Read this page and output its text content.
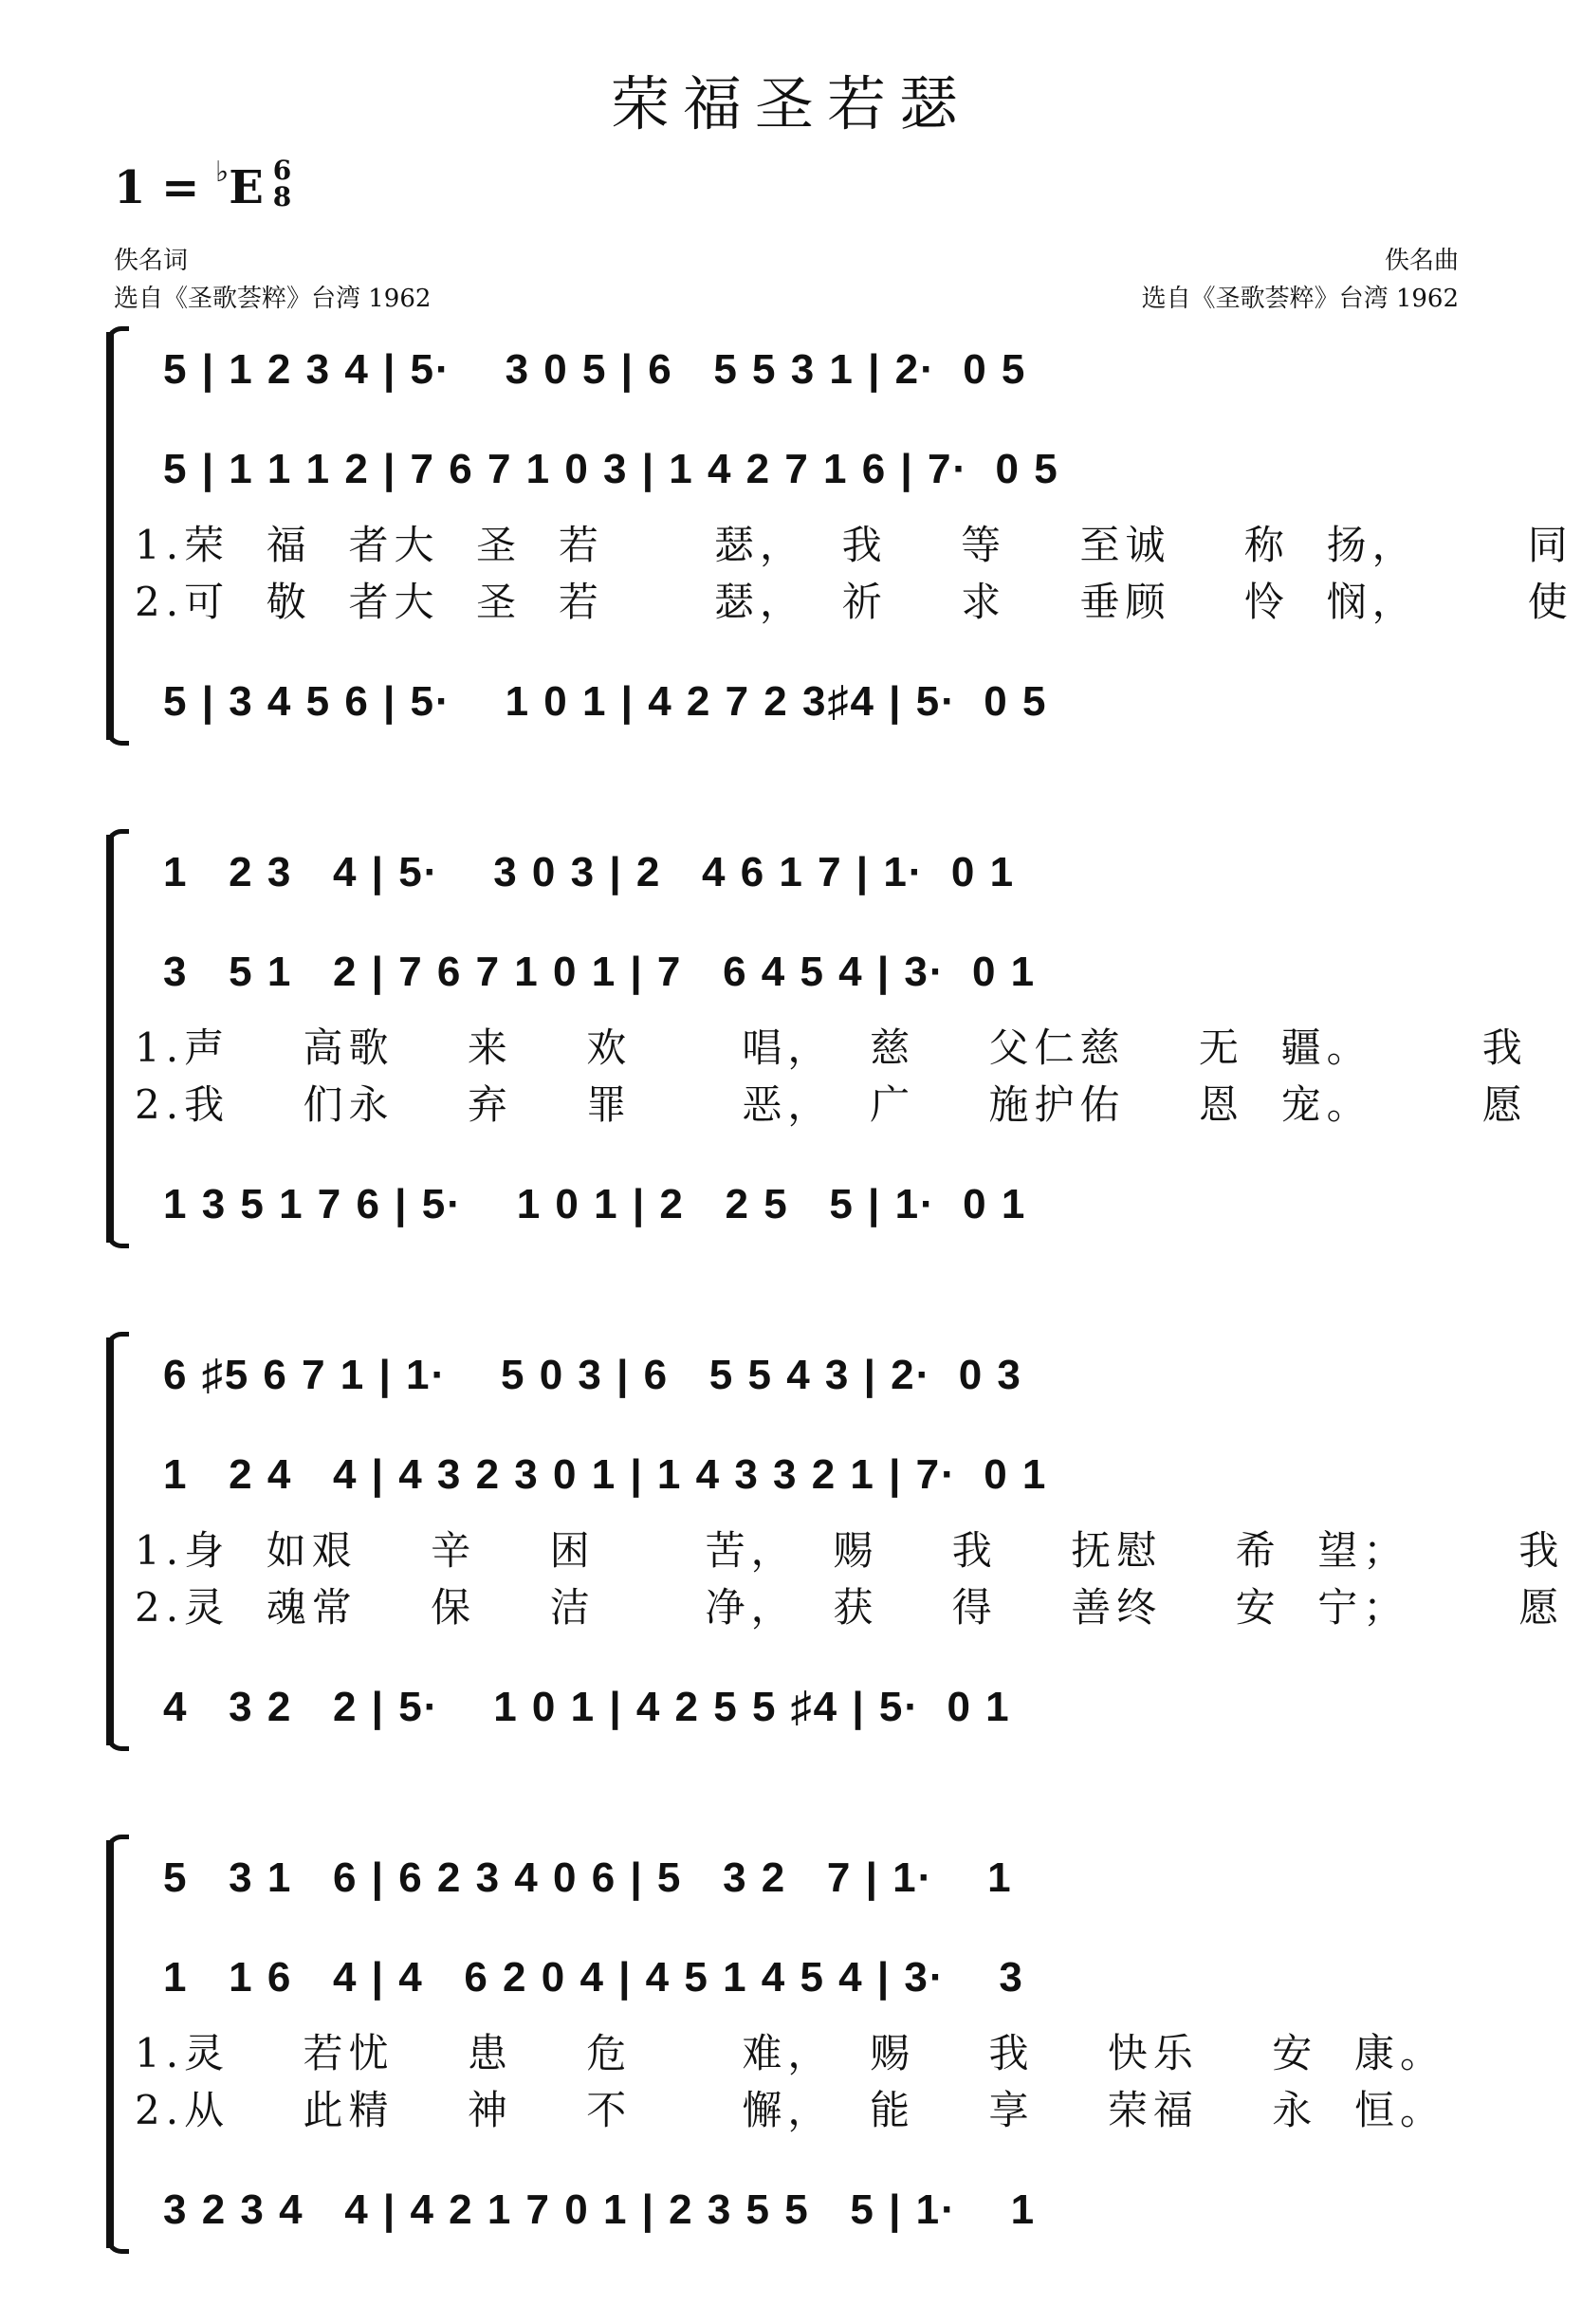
荣福圣若瑟
1 = ♭E 6
8
佚名词
选自《圣歌荟粹》台湾 1962
佚名曲
选自《圣歌荟粹》台湾 1962
5 | 1 2 3 4 | 5·    3 0 5 | 6   5 5 3 1 | 2·  0 5
5 | 1 1 1 2 | 7 6 7 1 0 3 | 1 4 2 7 1 6 | 7·  0 5
1.荣  福  者大  圣  若      瑟，  我    等    至诚    称  扬，      同
2.可  敬  者大  圣  若      瑟，  祈    求    垂顾    怜  悯，      使
5 | 3 4 5 6 | 5·    1 0 1 | 4 2 7 2 3♯4 | 5·  0 5
1   2 3   4 | 5·    3 0 3 | 2   4 6 1 7 | 1·  0 1
3   5 1   2 | 7 6 7 1 0 1 | 7   6 4 5 4 | 3·  0 1
1.声    高歌    来    欢      唱，  慈    父仁慈    无  疆。      我
2.我    们永    弃    罪      恶，  广    施护佑    恩  宠。      愿
1 3 5 1 7 6 | 5·    1 0 1 | 2   2 5   5 | 1·  0 1
6 ♯5 6 7 1 | 1·    5 0 3 | 6   5 5 4 3 | 2·  0 3
1   2 4   4 | 4 3 2 3 0 1 | 1 4 3 3 2 1 | 7·  0 1
1.身  如艰    辛    困      苦，  赐    我    抚慰    希  望；      我
2.灵  魂常    保    洁      净，  获    得    善终    安  宁；      愿
4   3 2   2 | 5·    1 0 1 | 4 2 5 5 ♯4 | 5·  0 1
5   3 1   6 | 6 2 3 4 0 6 | 5   3 2   7 | 1·    1
1   1 6   4 | 4   6 2 0 4 | 4 5 1 4 5 4 | 3·    3
1.灵    若忧    患    危      难，  赐    我    快乐    安  康。
2.从    此精    神    不      懈，  能    享    荣福    永  恒。
3 2 3 4   4 | 4 2 1 7 0 1 | 2 3 5 5   5 | 1·    1
